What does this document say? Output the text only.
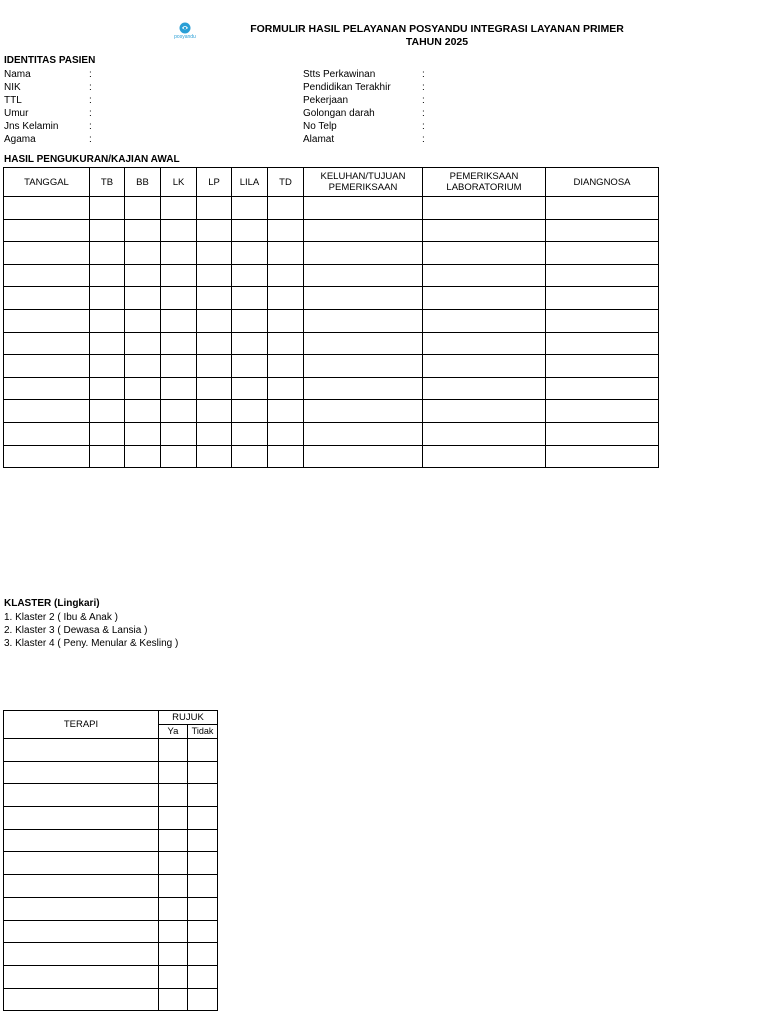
posyandu
FORMULIR HASIL PELAYANAN POSYANDU INTEGRASI LAYANAN PRIMER
TAHUN 2025
IDENTITAS PASIEN
Nama	:
NIK	:
TTL	:
Umur	:
Jns Kelamin	:
Agama	:
Stts Perkawinan	:
Pendidikan Terakhir	:
Pekerjaan	:
Golongan darah	:
No Telp	:
Alamat	:
HASIL PENGUKURAN/KAJIAN AWAL
TANGGAL	TB	BB	LK	LP	LILA	TD	KELUHAN/TUJUAN PEMERIKSAAN	PEMERIKSAAN LABORATORIUM	DIANGNOSA

KLASTER (Lingkari)
1. Klaster 2 ( Ibu & Anak )
2. Klaster 3 ( Dewasa & Lansia )
3. Klaster 4 ( Peny. Menular & Kesling )
TERAPI	RUJUK	
	Ya	Tidak
